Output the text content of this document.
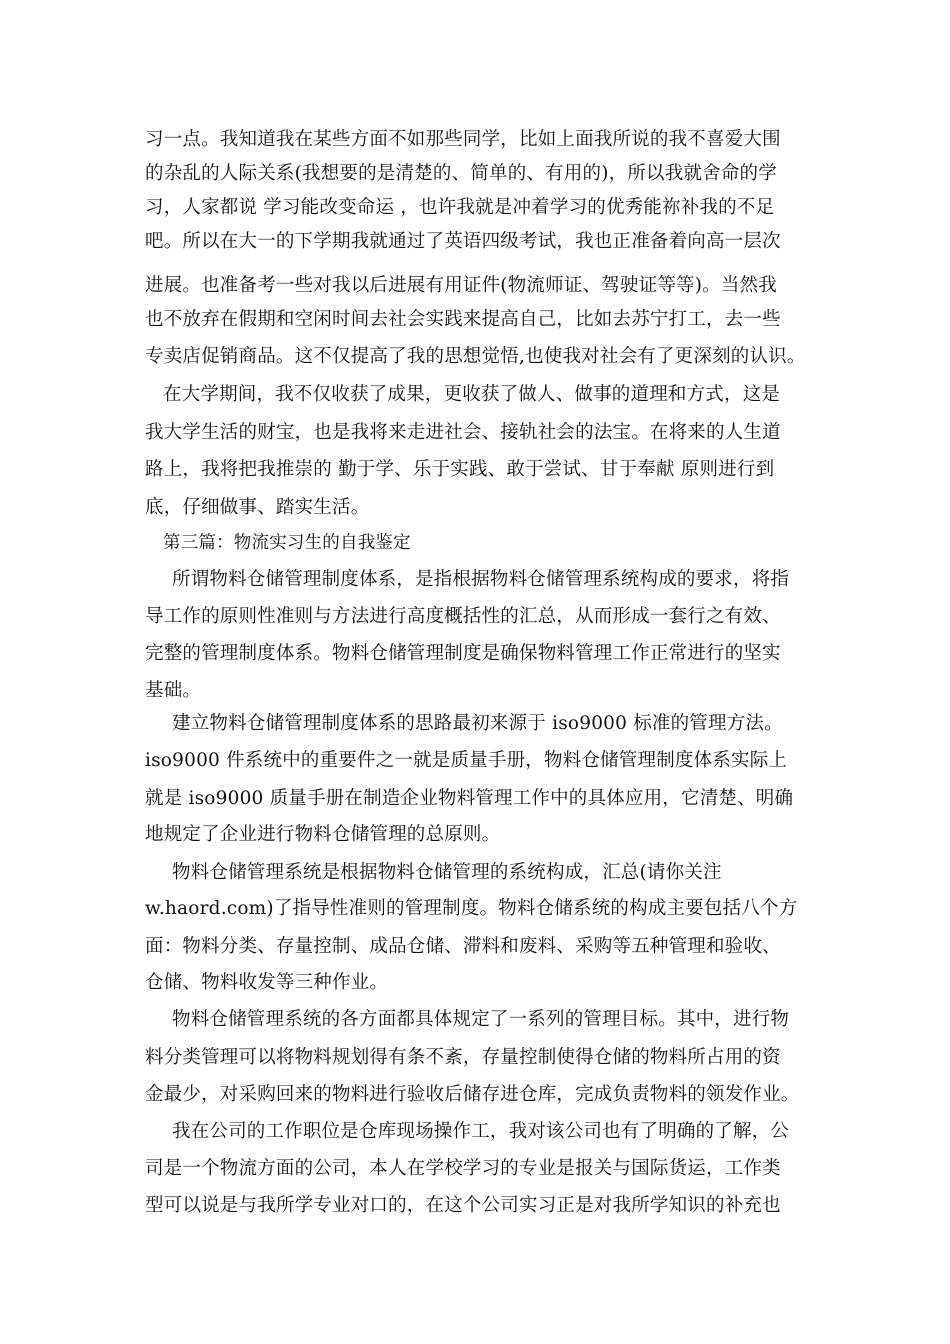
习一点。我知道我在某些方面不如那些同学，比如上面我所说的我不喜爱大围
的杂乱的人际关系(我想要的是清楚的、简单的、有用的)，所以我就舍命的学
习，人家都说 学习能改变命运 ，也许我就是冲着学习的优秀能祢补我的不足
吧。所以在大一的下学期我就通过了英语四级考试，我也正准备着向高一层次
进展。也准备考一些对我以后进展有用证件(物流师证、驾驶证等等)。当然我
也不放弃在假期和空闲时间去社会实践来提高自己，比如去苏宁打工，去一些
专卖店促销商品。这不仅提高了我的思想觉悟,也使我对社会有了更深刻的认识。
在大学期间，我不仅收获了成果，更收获了做人、做事的道理和方式，这是
我大学生活的财宝，也是我将来走进社会、接轨社会的法宝。在将来的人生道
路上，我将把我推崇的 勤于学、乐于实践、敢于尝试、甘于奉献 原则进行到
底，仔细做事、踏实生活。
第三篇：物流实习生的自我鉴定
所谓物料仓储管理制度体系，是指根据物料仓储管理系统构成的要求，将指
导工作的原则性准则与方法进行高度概括性的汇总，从而形成一套行之有效、
完整的管理制度体系。物料仓储管理制度是确保物料管理工作正常进行的坚实
基础。
建立物料仓储管理制度体系的思路最初来源于 iso9000 标准的管理方法。
iso9000 件系统中的重要件之一就是质量手册，物料仓储管理制度体系实际上
就是 iso9000 质量手册在制造企业物料管理工作中的具体应用，它清楚、明确
地规定了企业进行物料仓储管理的总原则。
物料仓储管理系统是根据物料仓储管理的系统构成，汇总(请你关注
w.haord.com)了指导性准则的管理制度。物料仓储系统的构成主要包括八个方
面：物料分类、存量控制、成品仓储、滞料和废料、采购等五种管理和验收、
仓储、物料收发等三种作业。
物料仓储管理系统的各方面都具体规定了一系列的管理目标。其中，进行物
料分类管理可以将物料规划得有条不紊，存量控制使得仓储的物料所占用的资
金最少，对采购回来的物料进行验收后储存进仓库，完成负责物料的领发作业。
我在公司的工作职位是仓库现场操作工，我对该公司也有了明确的了解，公
司是一个物流方面的公司，本人在学校学习的专业是报关与国际货运，工作类
型可以说是与我所学专业对口的，在这个公司实习正是对我所学知识的补充也
